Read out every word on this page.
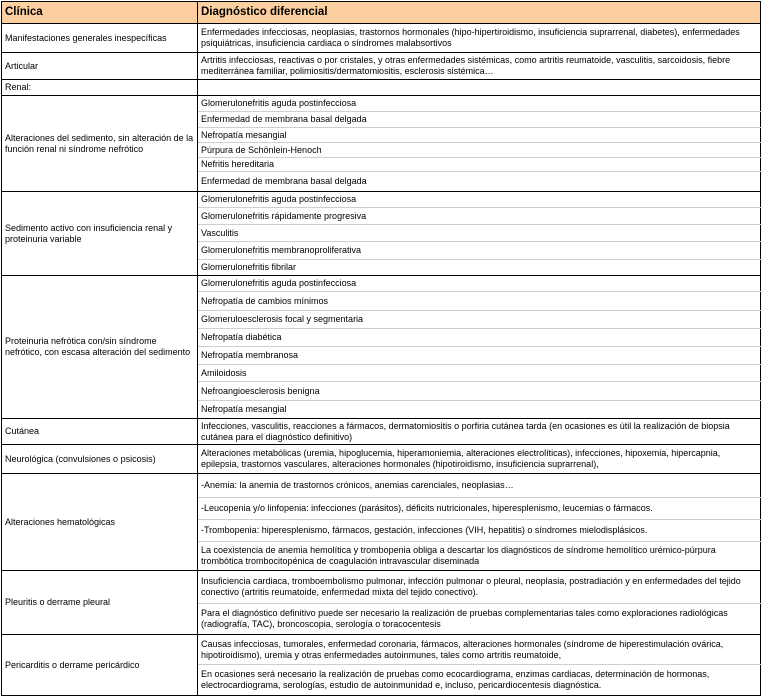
Clínica	Diagnóstico diferencial
Manifestaciones generales inespecíficas	Enfermedades infecciosas, neoplasias, trastornos hormonales (hipo-hipertiroidismo, insuficiencia suprarrenal, diabetes), enfermedades psiquiátricas, insuficiencia cardiaca o síndromes malabsortivos
Articular	Artritis infecciosas, reactivas o por cristales, y otras enfermedades sistémicas, como artritis reumatoide, vasculitis, sarcoidosis, fiebre mediterránea familiar, polimiositis/dermatomiositis, esclerosis sistémica…
Renal:	
Alteraciones del sedimento, sin alteración de la función renal ni síndrome nefrótico	Glomerulonefritis aguda postinfecciosa
	Enfermedad de membrana basal delgada
	Nefropatía mesangial
	Púrpura de Schönlein-Henoch
	Nefritis hereditaria
	Enfermedad de membrana basal delgada
Sedimento activo con insuficiencia renal y proteinuria variable	Glomerulonefritis aguda postinfecciosa
	Glomerulonefritis rápidamente progresiva
	Vasculitis
	Glomerulonefritis membranoproliferativa
	Glomerulonefritis fibrilar
Proteinuria nefrótica con/sin síndrome nefrótico, con escasa alteración del sedimento	Glomerulonefritis aguda postinfecciosa
	Nefropatía de cambios mínimos
	Glomeruloesclerosis focal y segmentaria
	Nefropatía diabética
	Nefropatía membranosa
	Amiloidosis
	Nefroangioesclerosis benigna
	Nefropatía mesangial
Cutánea	Infecciones, vasculitis, reacciones a fármacos, dermatomiositis o porfiria cutánea tarda (en ocasiones es útil la realización de biopsia cutánea para el diagnóstico definitivo)
Neurológica (convulsiones o psicosis)	Alteraciones metabólicas (uremia, hipoglucemia, hiperamoniemia, alteraciones electrolíticas), infecciones, hipoxemia, hipercapnia, epilepsia, trastornos vasculares, alteraciones hormonales (hipotiroidismo, insuficiencia suprarrenal),
Alteraciones hematológicas	-Anemia: la anemia de trastornos crónicos, anemias carenciales, neoplasias…
	-Leucopenia y/o linfopenia: infecciones (parásitos), déficits nutricionales, hiperesplenismo, leucemias o fármacos.
	-Trombopenia: hiperesplenismo, fármacos, gestación, infecciones (VIH, hepatitis) o síndromes mielodisplásicos.
	La coexistencia de anemia hemolítica y trombopenia obliga a descartar los diagnósticos de síndrome hemolítico urémico-púrpura trombótica trombocitopénica de coagulación intravascular diseminada
Pleuritis o derrame pleural	Insuficiencia cardiaca, tromboembolismo pulmonar, infección pulmonar o pleural, neoplasia, postradiación y en enfermedades del tejido conectivo (artritis reumatoide, enfermedad mixta del tejido conectivo).
	Para el diagnóstico definitivo puede ser necesario la realización de pruebas complementarias tales como exploraciones radiológicas (radiografía, TAC), broncoscopia, serología o toracocentesis
Pericarditis o derrame pericárdico	Causas infecciosas, tumorales, enfermedad coronaria, fármacos, alteraciones hormonales (síndrome de hiperestimulación ovárica, hipotiroidismo), uremia y otras enfermedades autoinmunes, tales como artritis reumatoide,
	En ocasiones será necesario la realización de pruebas como ecocardiograma, enzimas cardiacas, determinación de hormonas, electrocardiograma, serologías, estudio de autoinmunidad e, incluso, pericardiocentesis diagnóstica.
